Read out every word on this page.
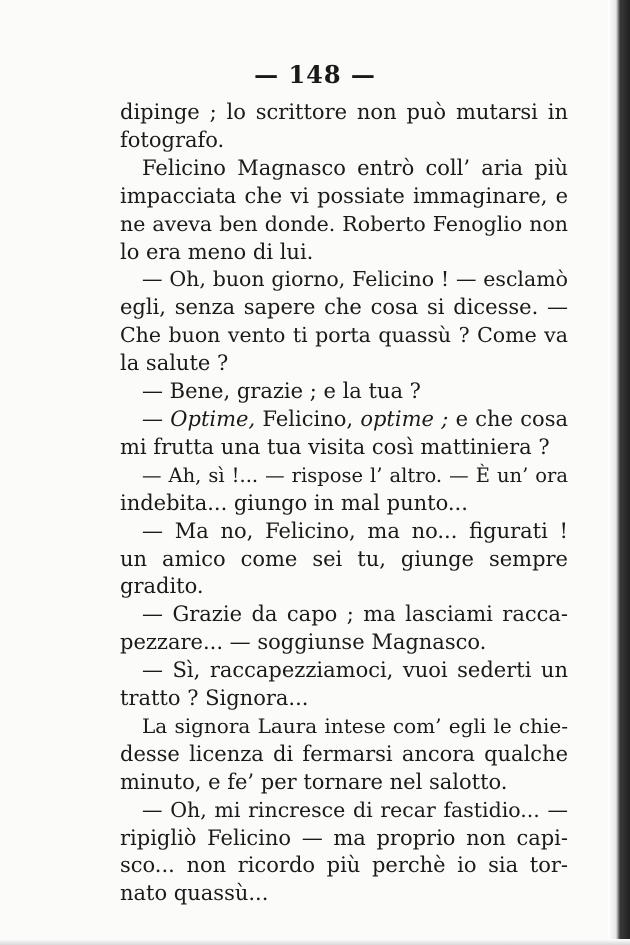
— 148 —

dipinge ; lo scrittore non può mutarsi in
fotografo.

Felicino Magnasco entrò coll’ aria più
impacciata che vi possiate immaginare, e
ne aveva ben donde. Roberto Fenoglio non
lo era meno di lui.

— Oh, buon giorno, Felicino ! — esclamò
egli, senza sapere che cosa si dicesse. —
Che buon vento ti porta quassù ? Come va
la salute ?

— Bene, grazie ; e la tua ?

— Optime, Felicino, optime ; e che cosa
mi frutta una tua visita così mattiniera ?

— Ah, sì !... — rispose l’ altro. — È un’ ora
indebita... giungo in mal punto...

— Ma no, Felicino, ma no... figurati !
un amico come sei tu, giunge sempre
gradito.

— Grazie da capo ; ma lasciami racca-
pezzare... — soggiunse Magnasco.

— Sì, raccapezziamoci, vuoi sederti un
tratto ? Signora...

La signora Laura intese com’ egli le chie-
desse licenza di fermarsi ancora qualche
minuto, e fe’ per tornare nel salotto.

— Oh, mi rincresce di recar fastidio... —
ripigliò Felicino — ma proprio non capi-
sco... non ricordo più perchè io sia tor-
nato quassù...
